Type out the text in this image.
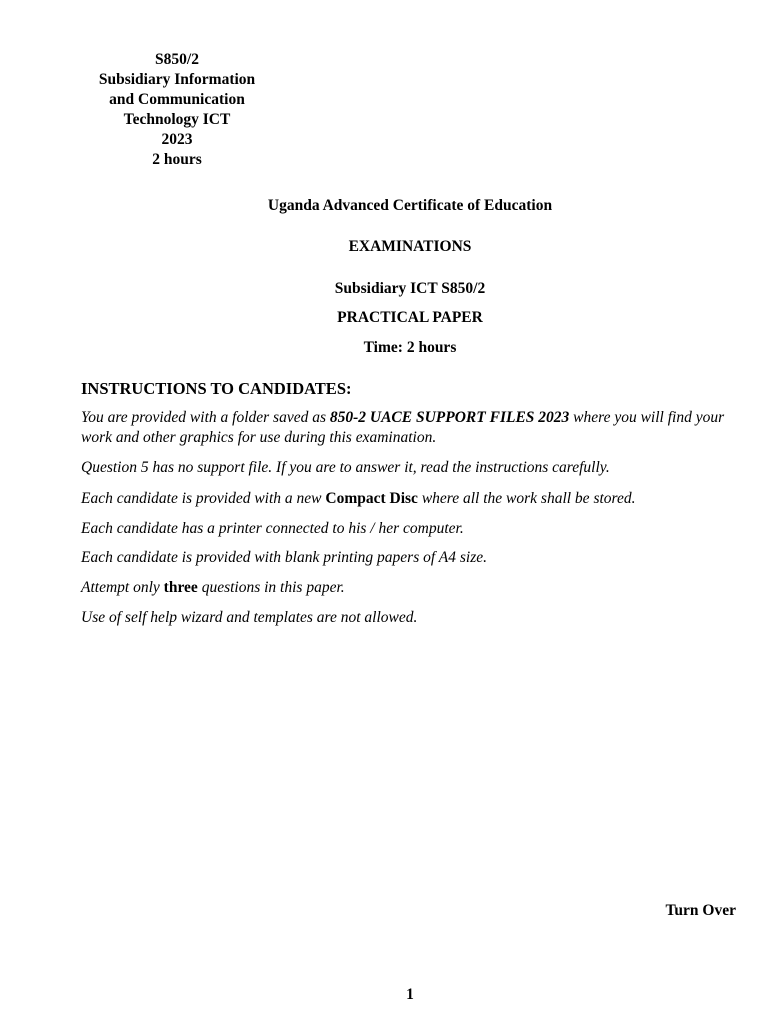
S850/2
Subsidiary Information
and Communication
Technology ICT
2023
2 hours
Uganda Advanced Certificate of Education
EXAMINATIONS
Subsidiary ICT S850/2
PRACTICAL PAPER
Time: 2 hours
INSTRUCTIONS TO CANDIDATES:
You are provided with a folder saved as 850-2 UACE SUPPORT FILES 2023 where you will find your work and other graphics for use during this examination.
Question 5 has no support file. If you are to answer it, read the instructions carefully.
Each candidate is provided with a new Compact Disc where all the work shall be stored.
Each candidate has a printer connected to his / her computer.
Each candidate is provided with blank printing papers of A4 size.
Attempt only three questions in this paper.
Use of self help wizard and templates are not allowed.
Turn Over
1
